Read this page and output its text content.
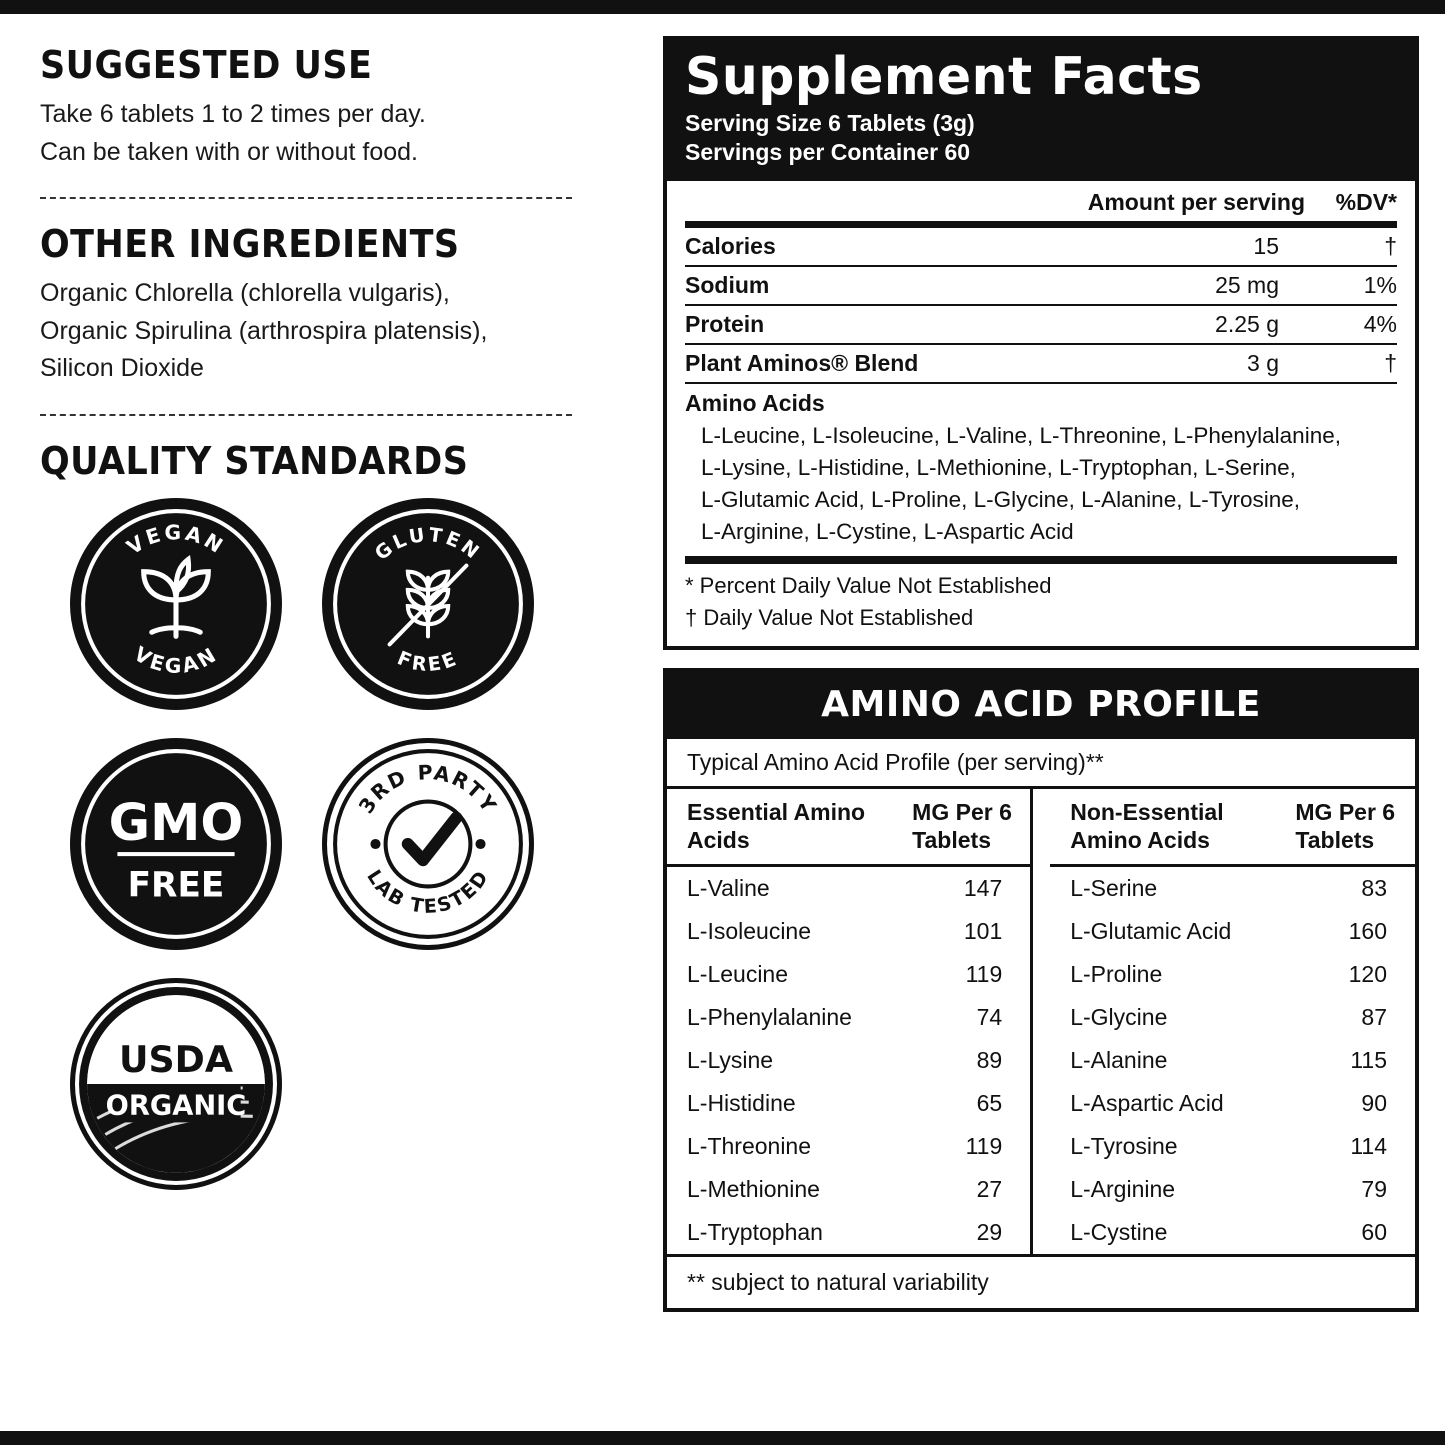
SUGGESTED USE
Take 6 tablets 1 to 2 times per day.
Can be taken with or without food.
OTHER INGREDIENTS
Organic Chlorella (chlorella vulgaris),
Organic Spirulina (arthrospira platensis),
Silicon Dioxide
QUALITY STANDARDS
VEGAN
VEGAN
GLUTEN
FREE
GMO
FREE
3RD PARTY
LAB TESTED
USDA
ORGANIC
Supplement Facts
Serving Size 6 Tablets (3g)
Servings per Container 60
	Amount per serving	%DV*
Calories	15	†
Sodium	25 mg	1%
Protein	2.25 g	4%
Plant Aminos® Blend	3 g	†
Amino Acids
L-Leucine, L-Isoleucine, L-Valine, L-Threonine, L-Phenylalanine,
L-Lysine, L-Histidine, L-Methionine, L-Tryptophan, L-Serine,
L-Glutamic Acid, L-Proline, L-Glycine, L-Alanine, L-Tyrosine,
L-Arginine, L-Cystine, L-Aspartic Acid
* Percent Daily Value Not Established
† Daily Value Not Established
AMINO ACID PROFILE
Typical Amino Acid Profile (per serving)**
Essential Amino Acids	MG Per 6 Tablets		Non-Essential Amino Acids	MG Per 6 Tablets
L-Valine	147		L-Serine	83
L-Isoleucine	101		L-Glutamic Acid	160
L-Leucine	119		L-Proline	120
L-Phenylalanine	74		L-Glycine	87
L-Lysine	89		L-Alanine	115
L-Histidine	65		L-Aspartic Acid	90
L-Threonine	119		L-Tyrosine	114
L-Methionine	27		L-Arginine	79
L-Tryptophan	29		L-Cystine	60
** subject to natural variability
